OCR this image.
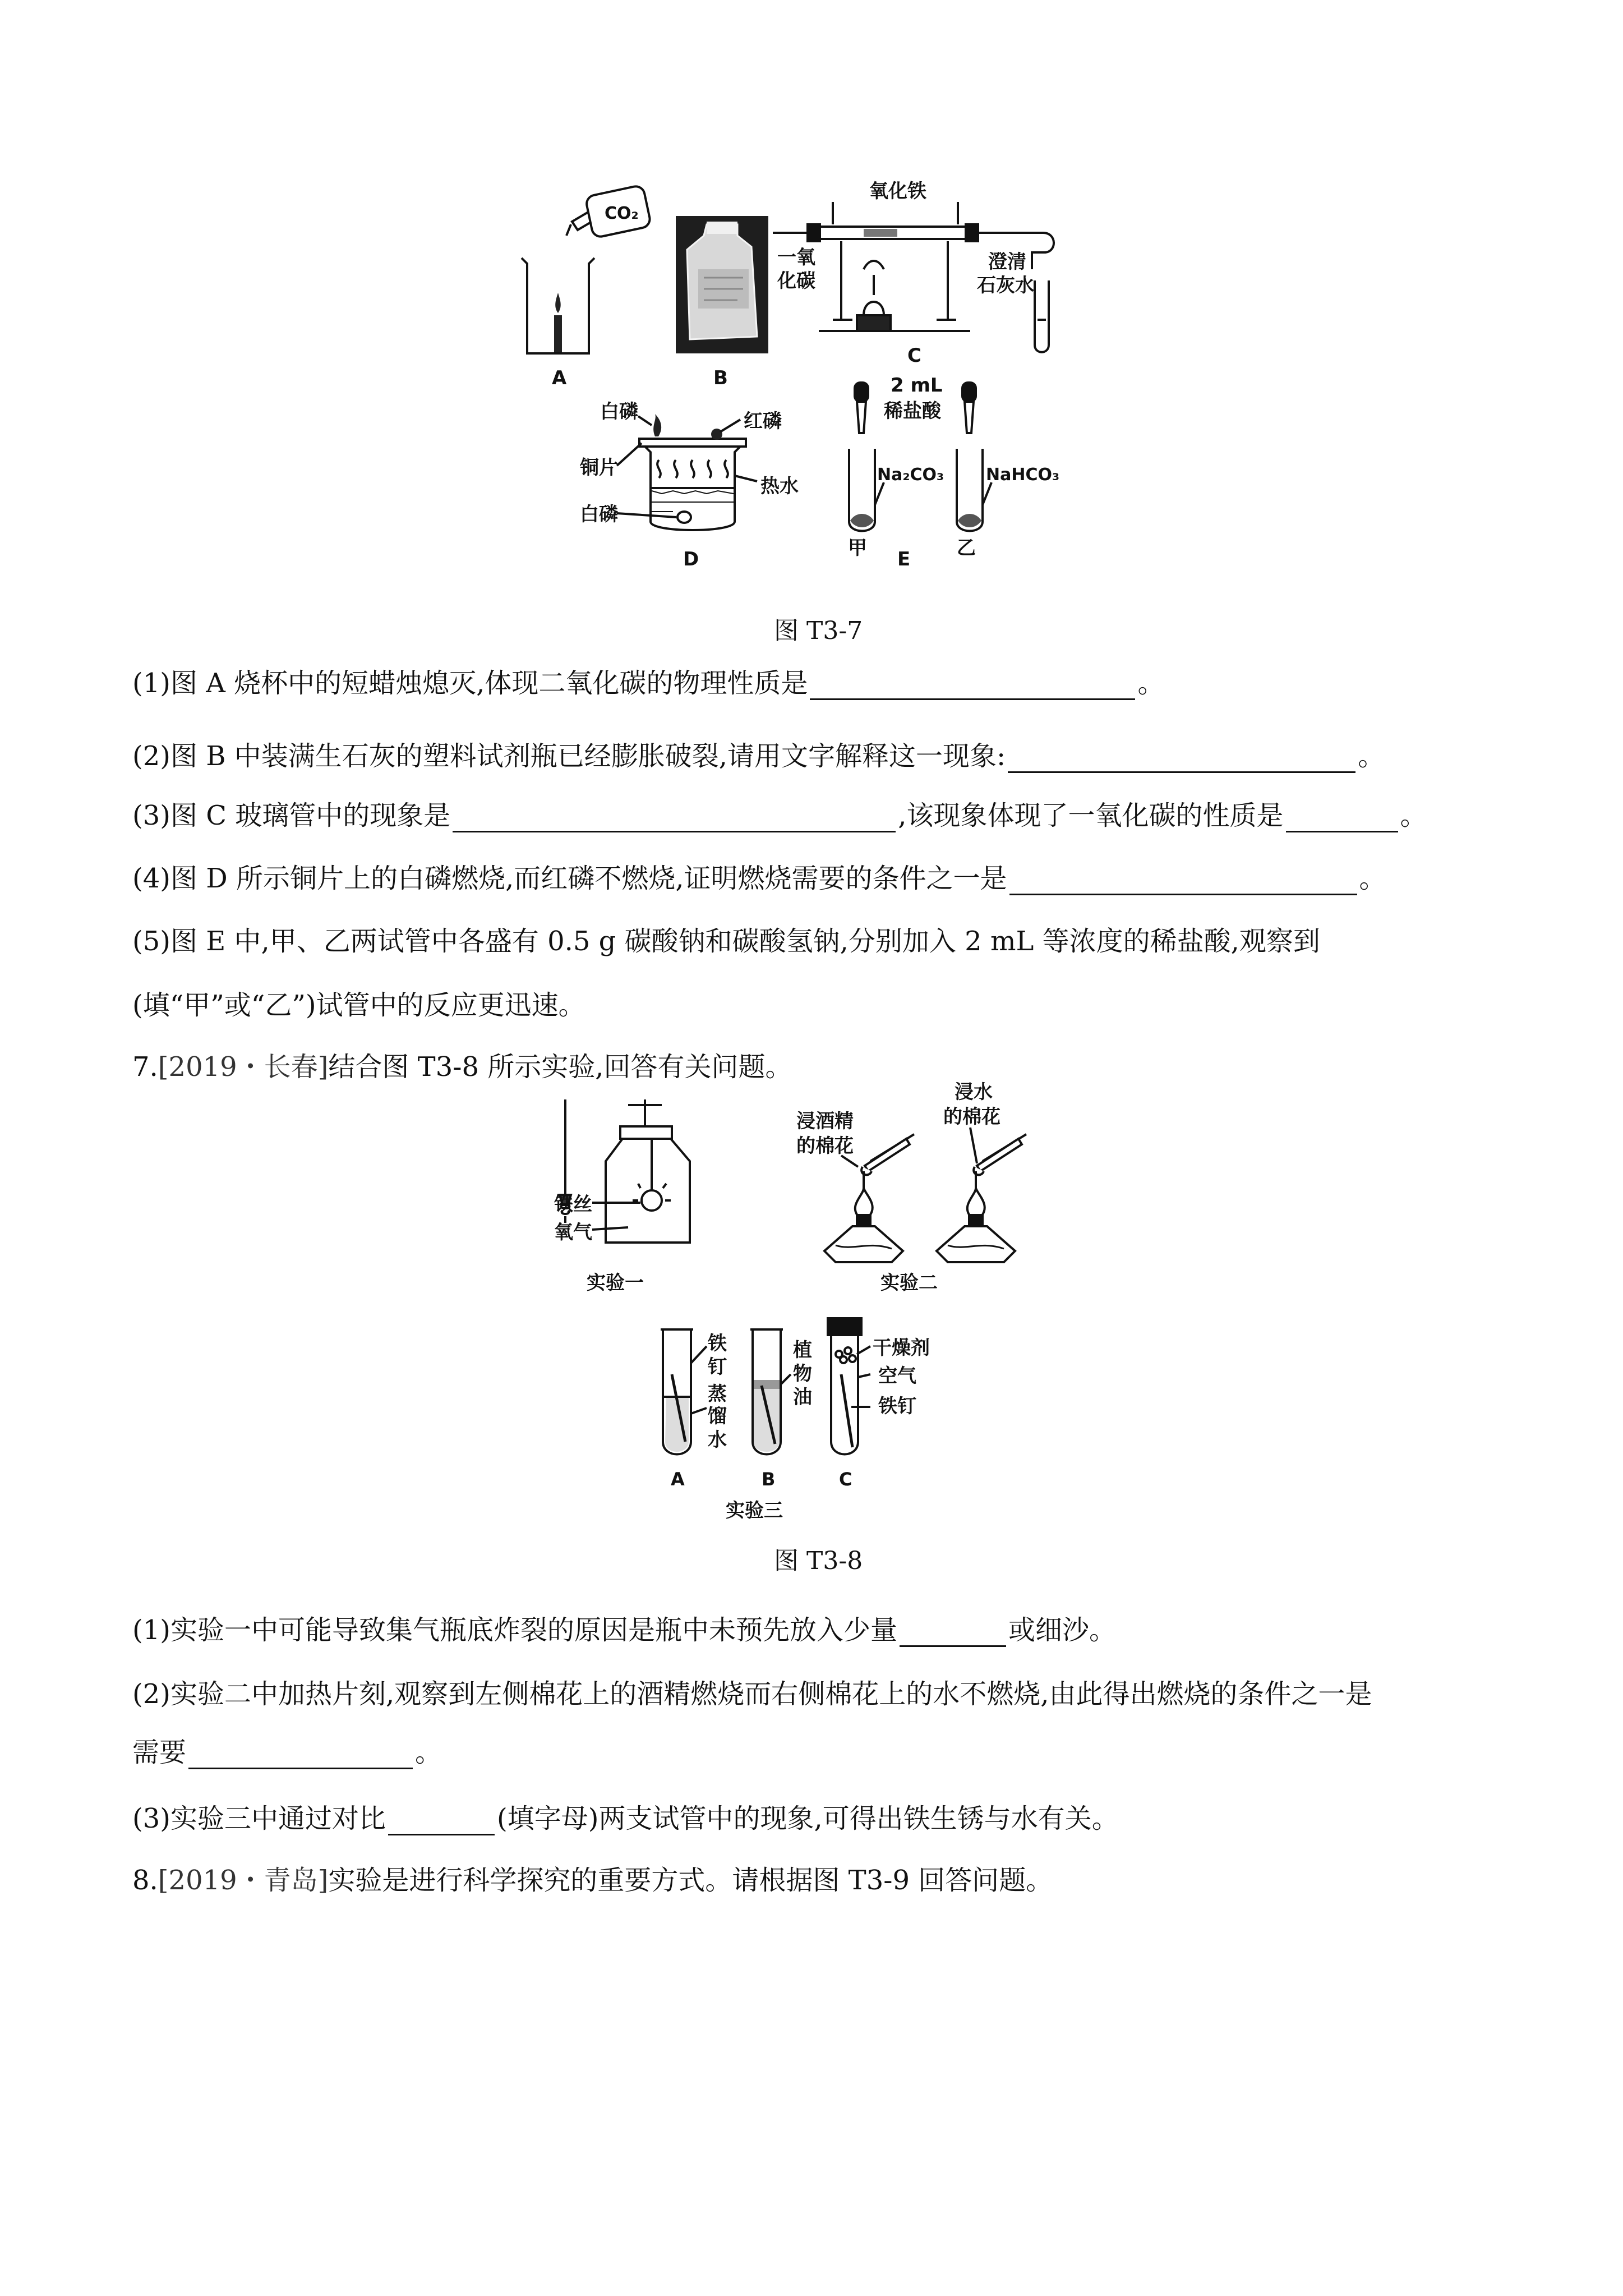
CO₂
A	B
一氧
化碳
氧化铁
澄清
石灰水
C
白磷	红磷
铜片
热水
白磷
D
2 mL
稀盐酸
Na₂CO₃ NaHCO₃
甲 E 乙
图 T3-7
(1)图 A 烧杯中的短蜡烛熄灭,体现二氧化碳的物理性质是	。
(2)图 B 中装满生石灰的塑料试剂瓶已经膨胀破裂,请用文字解释这一现象:	。
(3)图 C 玻璃管中的现象是	,该现象体现了一氧化碳的性质是	。
(4)图 D 所示铜片上的白磷燃烧,而红磷不燃烧,证明燃烧需要的条件之一是	。
(5)图 E 中,甲、乙两试管中各盛有 0.5 g 碳酸钠和碳酸氢钠,分别加入 2 mL 等浓度的稀盐酸,观察到
(填“甲”或“乙”)试管中的反应更迅速。
7.[2019・长春]结合图 T3-8 所示实验,回答有关问题。
铁丝
氧气
实验一
浸酒精
的棉花
浸水
的棉花
实验二
铁
钉
蒸
馏
水
植
物
油
干燥剂
空气
铁钉
A	B	C
实验三
图 T3-8
(1)实验一中可能导致集气瓶底炸裂的原因是瓶中未预先放入少量	或细沙。
(2)实验二中加热片刻,观察到左侧棉花上的酒精燃烧而右侧棉花上的水不燃烧,由此得出燃烧的条件之一是
需要	。
(3)实验三中通过对比	(填字母)两支试管中的现象,可得出铁生锈与水有关。
8.[2019・青岛]实验是进行科学探究的重要方式。请根据图 T3-9 回答问题。
